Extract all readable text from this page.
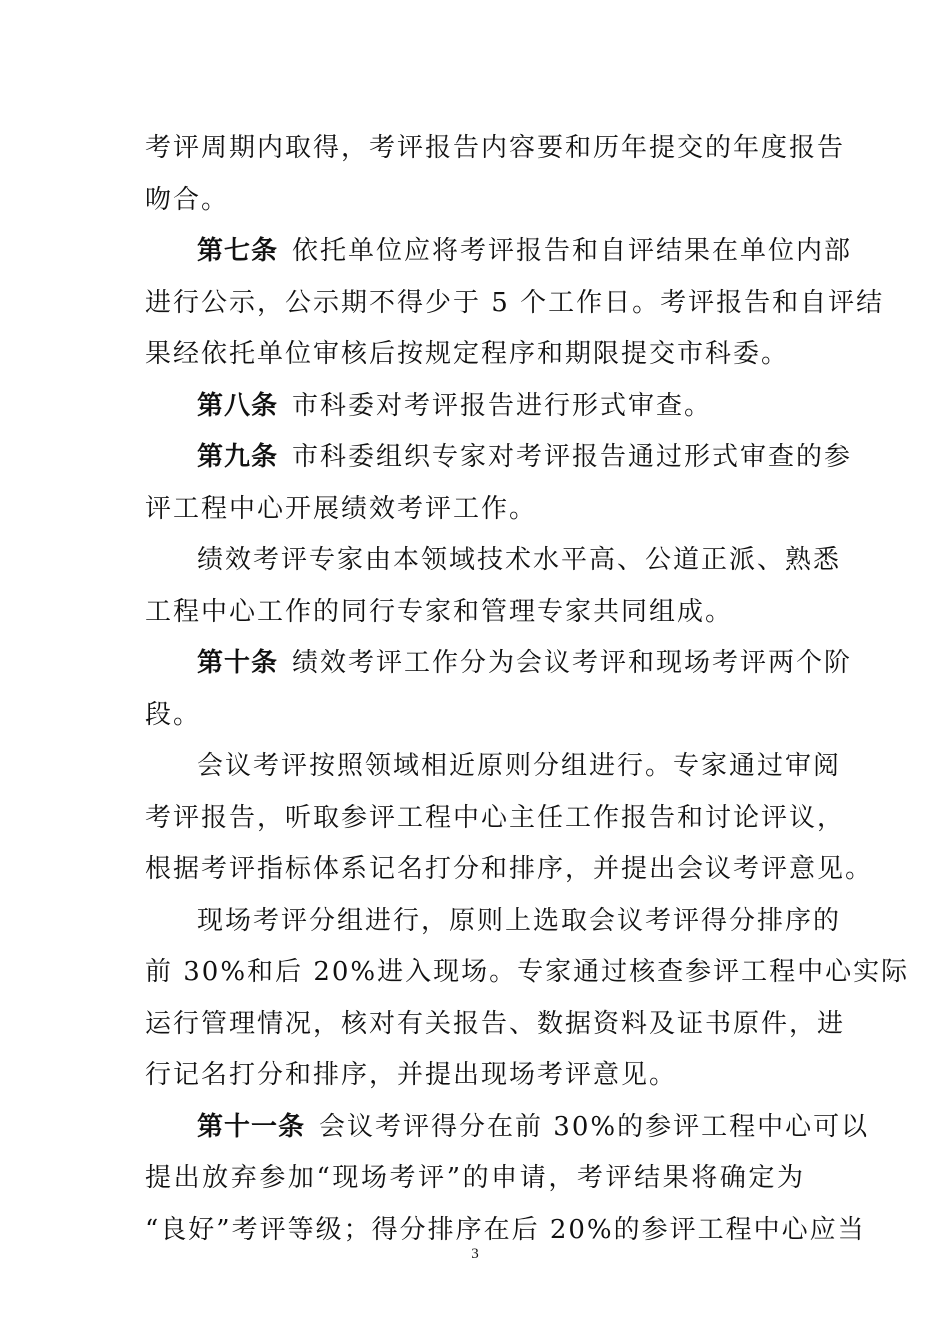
考评周期内取得，考评报告内容要和历年提交的年度报告
吻合。
第七条 依托单位应将考评报告和自评结果在单位内部
进行公示，公示期不得少于 5 个工作日。考评报告和自评结
果经依托单位审核后按规定程序和期限提交市科委。
第八条 市科委对考评报告进行形式审查。
第九条 市科委组织专家对考评报告通过形式审查的参
评工程中心开展绩效考评工作。
绩效考评专家由本领域技术水平高、公道正派、熟悉
工程中心工作的同行专家和管理专家共同组成。
第十条 绩效考评工作分为会议考评和现场考评两个阶
段。
会议考评按照领域相近原则分组进行。专家通过审阅
考评报告，听取参评工程中心主任工作报告和讨论评议，
根据考评指标体系记名打分和排序，并提出会议考评意见。
现场考评分组进行，原则上选取会议考评得分排序的
前 30%和后 20%进入现场。专家通过核查参评工程中心实际
运行管理情况，核对有关报告、数据资料及证书原件，进
行记名打分和排序，并提出现场考评意见。
第十一条 会议考评得分在前 30%的参评工程中心可以
提出放弃参加“现场考评”的申请，考评结果将确定为
“良好”考评等级；得分排序在后 20%的参评工程中心应当
3
